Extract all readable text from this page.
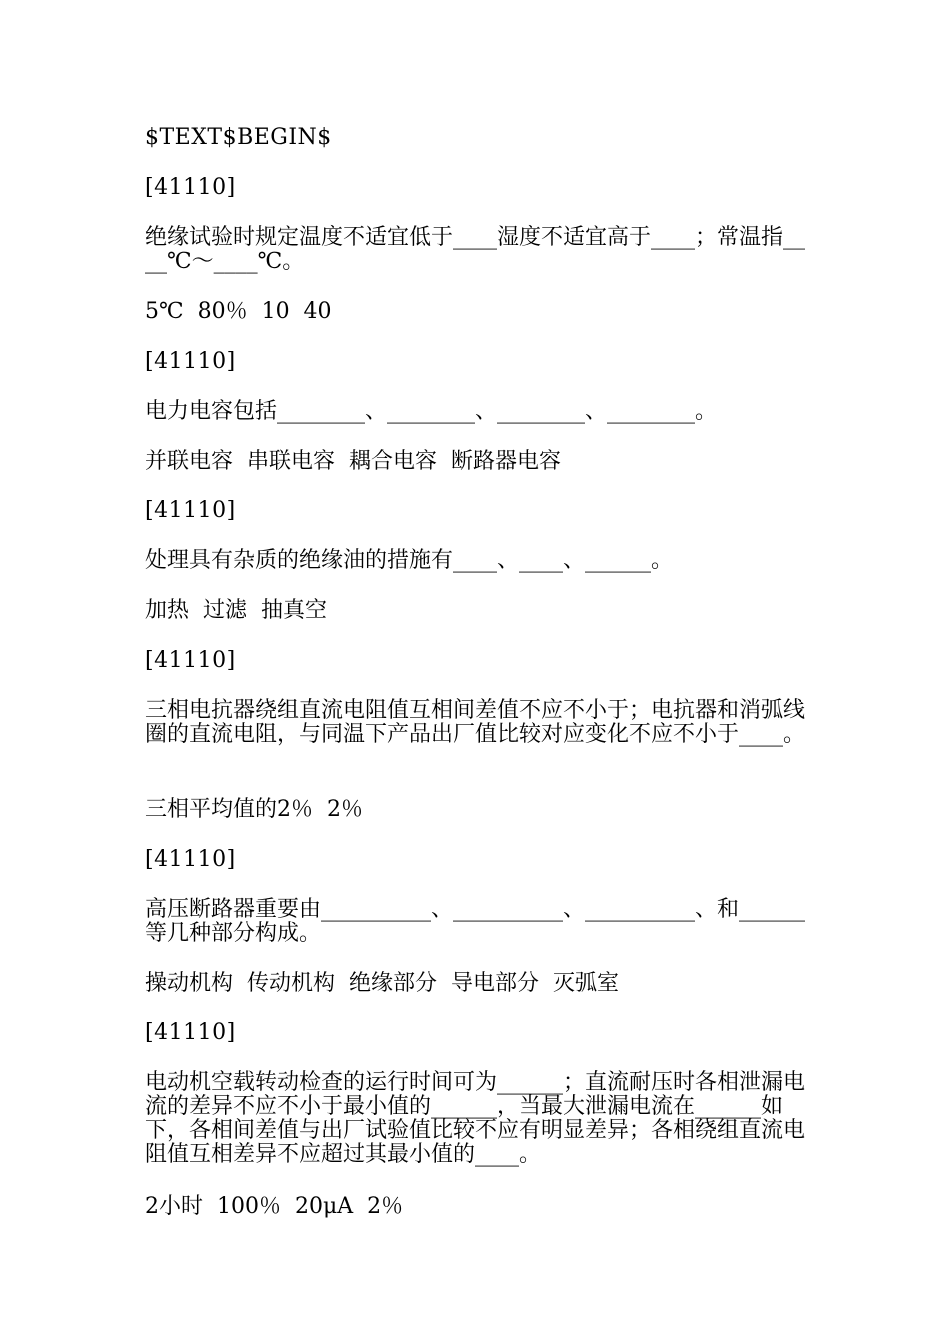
$TEXT$BEGIN$
[41110]
绝缘试验时规定温度不适宜低于____湿度不适宜高于____；常温指____℃～____℃。
5℃  80％  10  40
[41110]
电力电容包括________、________、________、________。
并联电容  串联电容  耦合电容  断路器电容
[41110]
处理具有杂质的绝缘油的措施有____、____、______。
加热  过滤  抽真空
[41110]
三相电抗器绕组直流电阻值互相间差值不应不小于；电抗器和消弧线圈的直流电阻，与同温下产品出厂值比较对应变化不应不小于____。
三相平均值的2％  2％
[41110]
高压断路器重要由__________、__________、__________、和______等几种部分构成。
操动机构  传动机构  绝缘部分  导电部分  灭弧室
[41110]
电动机空载转动检查的运行时间可为______；直流耐压时各相泄漏电流的差异不应不小于最小值的______，当最大泄漏电流在______如下，各相间差值与出厂试验值比较不应有明显差异；各相绕组直流电阻值互相差异不应超过其最小值的____。
2小时  100％  20μA  2％
